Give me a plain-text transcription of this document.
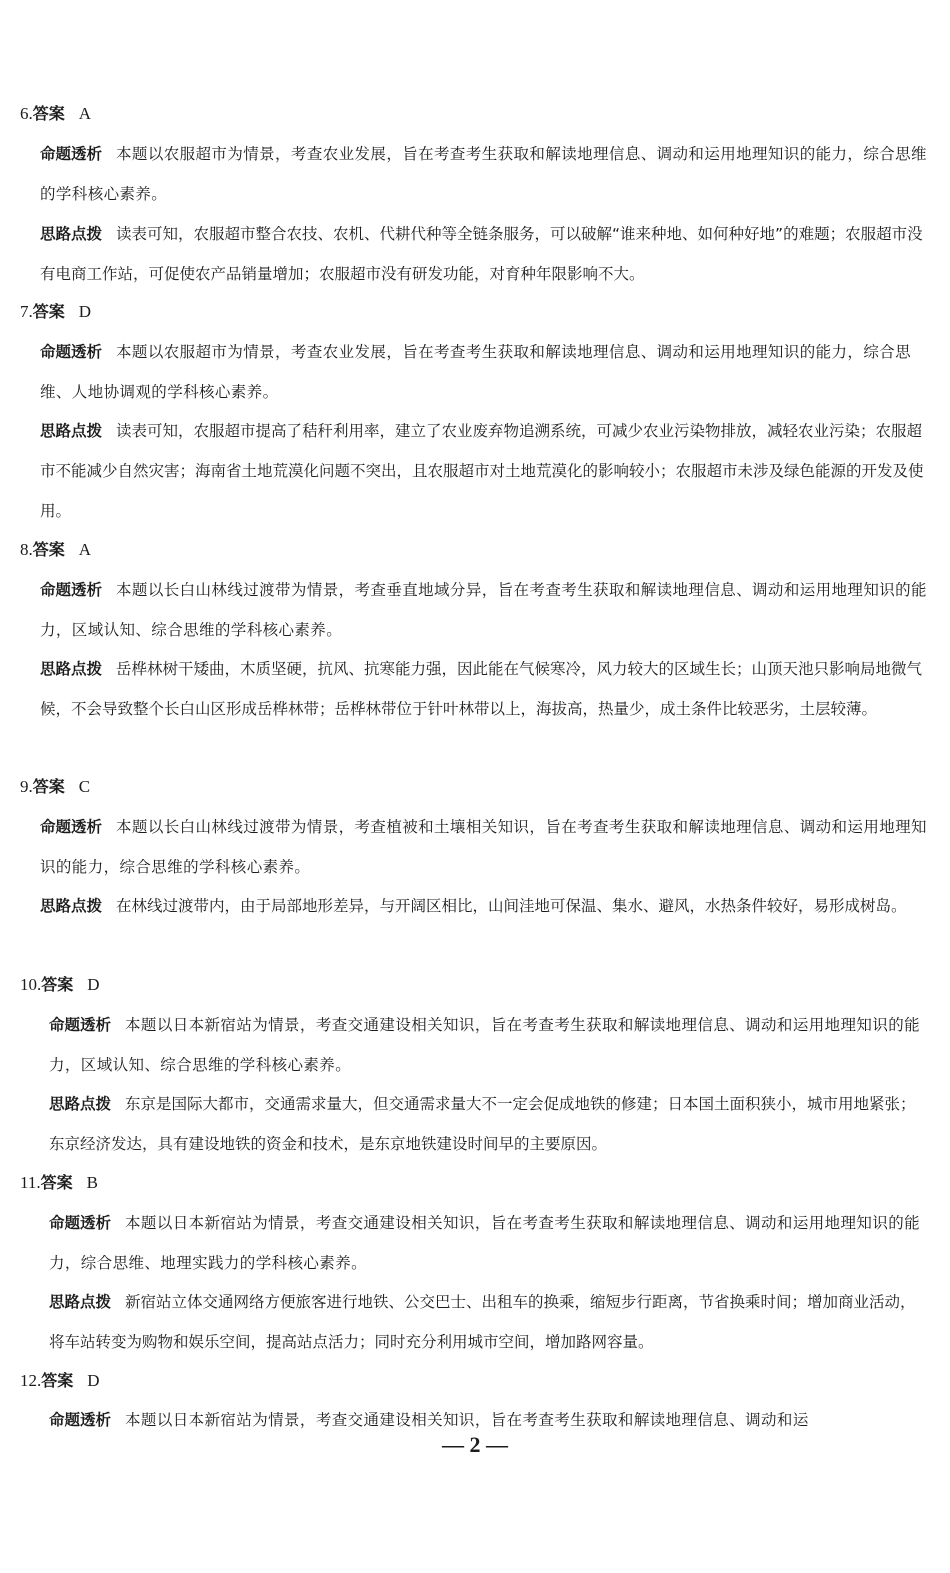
6.答案 A
命题透析 本题以农服超市为情景，考查农业发展，旨在考查考生获取和解读地理信息、调动和运用地理知识的能力，综合思维的学科核心素养。
思路点拨 读表可知，农服超市整合农技、农机、代耕代种等全链条服务，可以破解“谁来种地、如何种好地”的难题；农服超市没有电商工作站，可促使农产品销量增加；农服超市没有研发功能，对育种年限影响不大。
7.答案 D
命题透析 本题以农服超市为情景，考查农业发展，旨在考查考生获取和解读地理信息、调动和运用地理知识的能力，综合思维、人地协调观的学科核心素养。
思路点拨 读表可知，农服超市提高了秸秆利用率，建立了农业废弃物追溯系统，可减少农业污染物排放，减轻农业污染；农服超市不能减少自然灾害；海南省土地荒漠化问题不突出，且农服超市对土地荒漠化的影响较小；农服超市未涉及绿色能源的开发及使用。
8.答案 A
命题透析 本题以长白山林线过渡带为情景，考查垂直地域分异，旨在考查考生获取和解读地理信息、调动和运用地理知识的能力，区域认知、综合思维的学科核心素养。
思路点拨 岳桦林树干矮曲，木质坚硬，抗风、抗寒能力强，因此能在气候寒冷，风力较大的区域生长；山顶天池只影响局地微气候，不会导致整个长白山区形成岳桦林带；岳桦林带位于针叶林带以上，海拔高，热量少，成土条件比较恶劣，土层较薄。
9.答案 C
命题透析 本题以长白山林线过渡带为情景，考查植被和土壤相关知识，旨在考查考生获取和解读地理信息、调动和运用地理知识的能力，综合思维的学科核心素养。
思路点拨 在林线过渡带内，由于局部地形差异，与开阔区相比，山间洼地可保温、集水、避风，水热条件较好，易形成树岛。
10.答案 D
命题透析 本题以日本新宿站为情景，考查交通建设相关知识，旨在考查考生获取和解读地理信息、调动和运用地理知识的能力，区域认知、综合思维的学科核心素养。
思路点拨 东京是国际大都市，交通需求量大，但交通需求量大不一定会促成地铁的修建；日本国土面积狭小，城市用地紧张；东京经济发达，具有建设地铁的资金和技术，是东京地铁建设时间早的主要原因。
11.答案 B
命题透析 本题以日本新宿站为情景，考查交通建设相关知识，旨在考查考生获取和解读地理信息、调动和运用地理知识的能力，综合思维、地理实践力的学科核心素养。
思路点拨 新宿站立体交通网络方便旅客进行地铁、公交巴士、出租车的换乘，缩短步行距离，节省换乘时间；增加商业活动，将车站转变为购物和娱乐空间，提高站点活力；同时充分利用城市空间，增加路网容量。
12.答案 D
命题透析 本题以日本新宿站为情景，考查交通建设相关知识，旨在考查考生获取和解读地理信息、调动和运
— 2 —
